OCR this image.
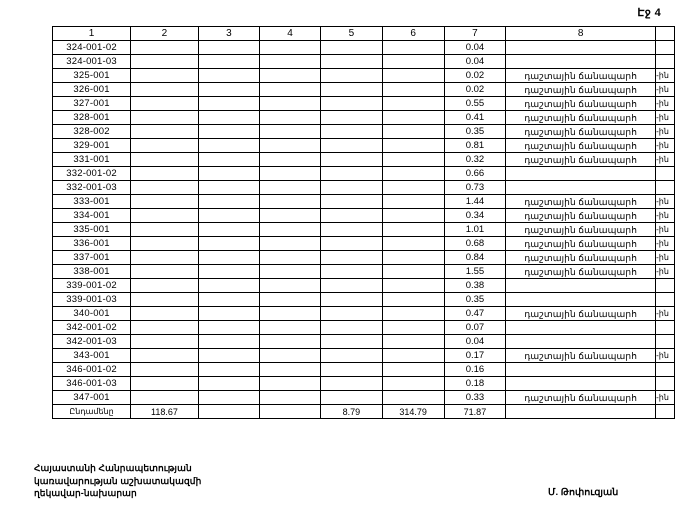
Էջ 4
1	2	3	4	5	6	7	8	
324-001-02						0.04		
324-001-03						0.04		
325-001						0.02	դաշտային ճանապարհ	-ին
326-001						0.02	դաշտային ճանապարհ	-ին
327-001						0.55	դաշտային ճանապարհ	-ին
328-001						0.41	դաշտային ճանապարհ	-ին
328-002						0.35	դաշտային ճանապարհ	-ին
329-001						0.81	դաշտային ճանապարհ	-ին
331-001						0.32	դաշտային ճանապարհ	-ին
332-001-02						0.66		
332-001-03						0.73		
333-001						1.44	դաշտային ճանապարհ	-ին
334-001						0.34	դաշտային ճանապարհ	-ին
335-001						1.01	դաշտային ճանապարհ	-ին
336-001						0.68	դաշտային ճանապարհ	-ին
337-001						0.84	դաշտային ճանապարհ	-ին
338-001						1.55	դաշտային ճանապարհ	-ին
339-001-02						0.38		
339-001-03						0.35		
340-001						0.47	դաշտային ճանապարհ	-ին
342-001-02						0.07		
342-001-03						0.04		
343-001						0.17	դաշտային ճանապարհ	-ին
346-001-02						0.16		
346-001-03						0.18		
347-001						0.33	դաշտային ճանապարհ	-ին
Ընդամենը	118.67			8.79	314.79	71.87		
Հայաստանի Հանրապետության
կառավարության աշխատակազմի
ղեկավար-նախարար	Մ. Թոփուզյան
